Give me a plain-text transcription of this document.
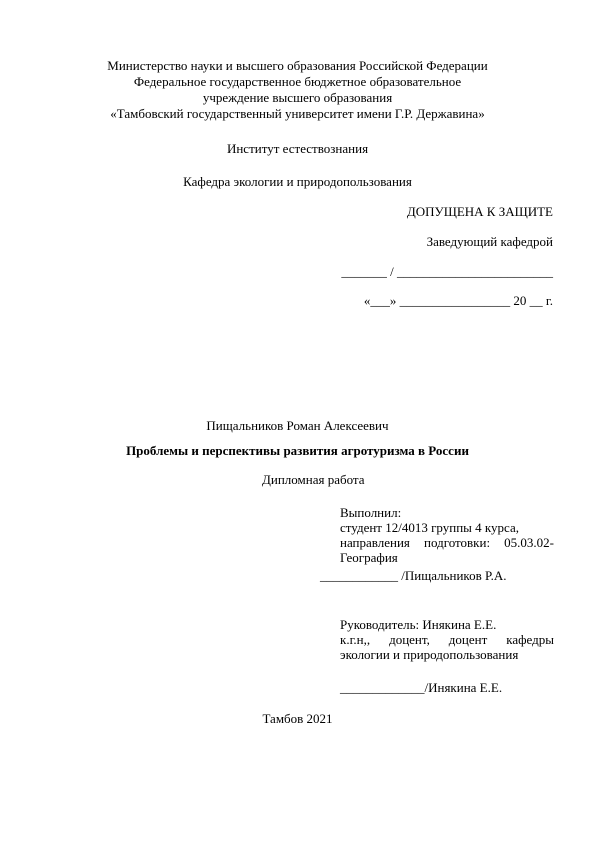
Министерство науки и высшего образования Российской Федерации
Федеральное государственное бюджетное образовательное
учреждение высшего образования
«Тамбовский государственный университет имени Г.Р. Державина»
Институт естествознания
Кафедра экологии и природопользования
ДОПУЩЕНА К ЗАЩИТЕ
Заведующий кафедрой
_______ / ________________________
«___» _________________ 20 __ г.
Пищальников Роман Алексеевич
Проблемы и перспективы развития агротуризма в России
Дипломная работа
Выполнил:
студент 12/4013 группы 4 курса,
направления подготовки: 05.03.02-
География
____________ /Пищальников Р.А.
Руководитель: Инякина Е.Е.
к.г.н,, доцент, доцент кафедры
экологии и природопользования
_____________/Инякина Е.Е.
Тамбов 2021
